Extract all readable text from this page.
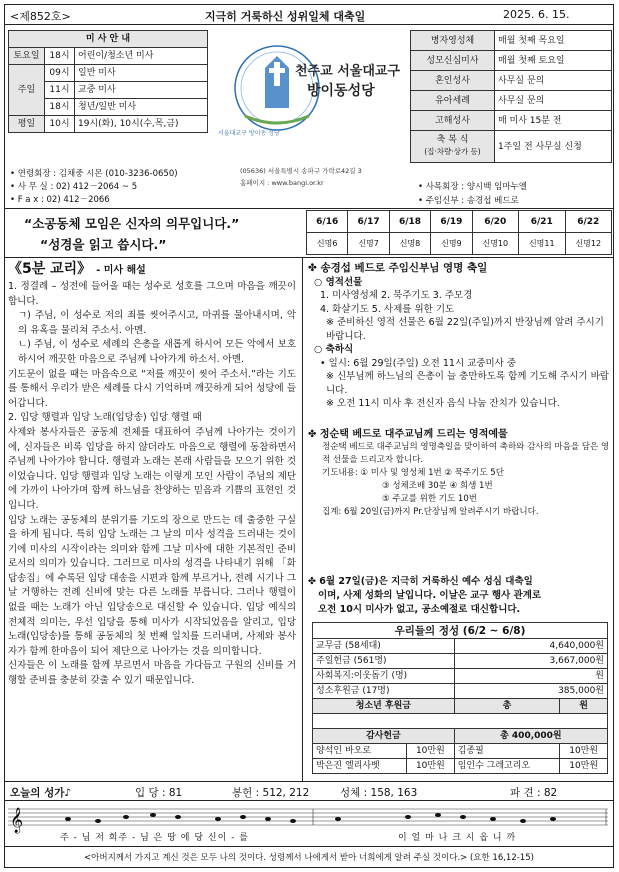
<제852호>	지극히 거룩하신 성위일체 대축일	2025. 6. 15.
미 사 안 내		
토요일	18시	어린이/청소년 미사
주일	09시	일반 미사
	11시	교중 미사
	18시	청년/일반 미사
평일	10시	19시(화), 10시(수,목,금)
• 연령회장 : 김채중 시몬 (010-3236-0650)
• 사 무 실 : 02) 412－2064 ~ 5
• F a x : 02) 412－2066
천주교 서울대교구
방이동성당
서울대교구 방이동 성당
(05636) 서울특별시 송파구 가락로42길 3
홈페이지 : www.bangi.or.kr
병자영성체	매월 첫째 목요일
성모신심미사	매월 첫째 토요일
혼인성사	사무실 문의
유아세례	사무실 문의
고해성사	매 미사 15분 전
축 복 식
(집·차량·상가 등)	1주일 전 사무실 신청
• 사목회장 : 양시백 임마누엘
• 주임신부 : 송경섭 베드로
“소공동체 모임은 신자의 의무입니다.”
“성경을 읽고 씁시다.”
6/16	6/17	6/18	6/19	6/20	6/21	6/22
신명6	신명7	신명8	신명9	신명10	신명11	신명12
《5분 교리》 - 미사 해설
1. 정결례 – 성전에 들어올 때는 성수로 성호를 그으며 마음을 깨끗이 합니다.
ㄱ) 주님, 이 성수로 저의 죄를 씻어주시고, 마귀를 물아내시며, 악의 유혹을 물리쳐 주소서. 아멘.
ㄴ) 주님, 이 성수로 세례의 은총을 새롭게 하시어 모든 악에서 보호하시어 깨끗한 마음으로 주님께 나아가게 하소서. 아멘.
기도문이 없을 때는 마음속으로 “저를 깨끗이 씻어 주소서.”라는 기도를 통해서 우리가 받은 세례를 다시 기억하며 깨끗하게 되어 성당에 들어갑니다.
2. 입당 행렬과 입당 노래(입당송) 입당 행렬 때
사제와 봉사자들은 공동체 전체를 대표하여 주님께 나아가는 것이기에, 신자들은 비록 입당을 하지 않더라도 마음으로 행렬에 동참하면서 주님께 나아가야 합니다. 행렬과 노래는 본래 사람들을 모으기 위한 것이었습니다. 입당 행렬과 입당 노래는 이렇게 모인 사람이 주님의 제단에 가까이 나아가며 함께 하느님을 찬양하는 믿음과 기쁨의 표현인 것입니다.
입당 노래는 공동체의 분위기를 기도의 장으로 만드는 데 출중한 구실을 하게 됩니다. 특히 입당 노래는 그 날의 미사 성격을 드러내는 것이기에 미사의 시작이라는 의미와 함께 그날 미사에 대한 기본적인 준비로서의 의미가 있습니다. 그러므로 미사의 성격을 나타내기 위해 「화답송집」에 수록된 입당 대송을 시편과 함께 부르거나, 전례 시기나 그날 거행하는 전례 신비에 맞는 다른 노래를 부릅니다. 그러나 행렬이 없을 때는 노래가 아닌 입당송으로 대신할 수 있습니다. 입당 예식의 전체적 의미는, 우선 입당을 통해 미사가 시작되었음을 알리고, 입당 노래(입당송)를 통해 공동체의 첫 번째 일치를 드러내며, 사제와 봉사자가 함께 한마음이 되어 제단으로 나아가는 것을 의미합니다.
신자들은 이 노래를 함께 부르면서 마음을 가다듬고 구원의 신비를 거행할 준비를 충분히 갖출 수 있기 때문입니다.
✤ 송경섭 베드로 주임신부님 영명 축일
○ 영적선물
1. 미사영성체 2. 묵주기도 3. 주모경
4. 화살기도 5. 사제를 위한 기도
※ 준비하신 영적 선물은 6월 22일(주일)까지 반장님께 알려 주시기 바랍니다.
○ 축하식
• 일시: 6월 29일(주일) 오전 11시 교중미사 중
※ 신부님께 하느님의 은총이 늘 충만하도록 함께 기도해 주시기 바랍니다.
※ 오전 11시 미사 후 전신자 음식 나눔 잔치가 있습니다.
✤ 정순택 베드로 대주교님께 드리는 영적예물
정순택 베드로 대주교님의 영명축일을 맞이하여 축하와 감사의 마음을 담은 영적 선물을 드리고자 합니다.
기도내용: ① 미사 및 영성체 1번 ② 묵주기도 5단
③ 성체조배 30분 ④ 희생 1번
⑤ 주교를 위한 기도 10번
집계: 6월 20일(금)까지 Pr.단장님께 알려주시기 바랍니다.
✤ 6월 27일(금)은 지극히 거룩하신 예수 성심 대축일
이며, 사제 성화의 날입니다. 이날은 교구 행사 관계로
오전 10시 미사가 없고, 공소예절로 대신합니다.
우리들의 정성 (6/2 ~ 6/8)			
교무금 (58세대)		4,640,000원	
주일헌금 (561명)		3,667,000원	
사회복지:이웃돕기 (명)		원	
성소후원금 (17명)		385,000원	
청소년 후원금		총	원

감사헌금		총 400,000원	
양석인 바오로	10만원	김종필	10만원
박은진 엘리사벳	10만원	임인수 그레고리오	10만원
오늘의 성가♪	입 당 : 81	봉헌 : 512, 212	성체 : 158, 163	파 견 : 82
𝄞
주 - 님 저 희주 - 님 은 땅 에 당 신이 - 를	이 얼 마 나 크 시 옵 니 까
<아버지께서 가지고 계신 것은 모두 나의 것이다. 성령께서 나에게서 받아 너희에게 알려 주실 것이다.> (요한 16,12-15)
